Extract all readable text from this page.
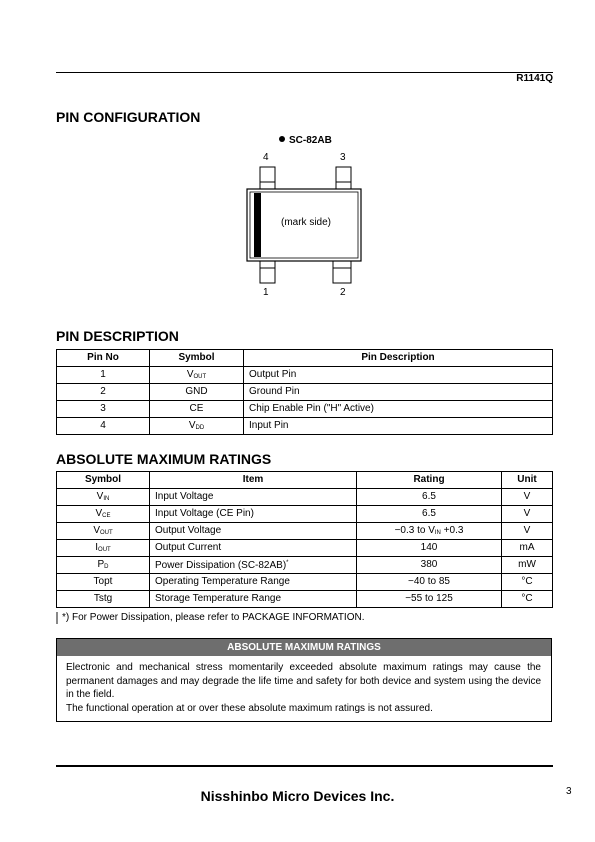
R1141Q
PIN CONFIGURATION
SC-82AB
4	3
1	2
(mark side)
PIN DESCRIPTION
Pin No	Symbol	Pin Description
1	VOUT	Output Pin
2	GND	Ground Pin
3	CE	Chip Enable Pin ("H" Active)
4	VDD	Input Pin
ABSOLUTE MAXIMUM RATINGS
Symbol	Item	Rating	Unit
VIN	Input Voltage	6.5	V
VCE	Input Voltage (CE Pin)	6.5	V
VOUT	Output Voltage	−0.3 to VIN +0.3	V
IOUT	Output Current	140	mA
PD	Power Dissipation (SC-82AB)*	380	mW
Topt	Operating Temperature Range	−40 to 85	°C
Tstg	Storage Temperature Range	−55 to 125	°C
*) For Power Dissipation, please refer to PACKAGE INFORMATION.
ABSOLUTE MAXIMUM RATINGS
Electronic and mechanical stress momentarily exceeded absolute maximum ratings may cause the permanent damages and may degrade the life time and safety for both device and system using the device in the field.
The functional operation at or over these absolute maximum ratings is not assured.
Nisshinbo Micro Devices Inc.	3
